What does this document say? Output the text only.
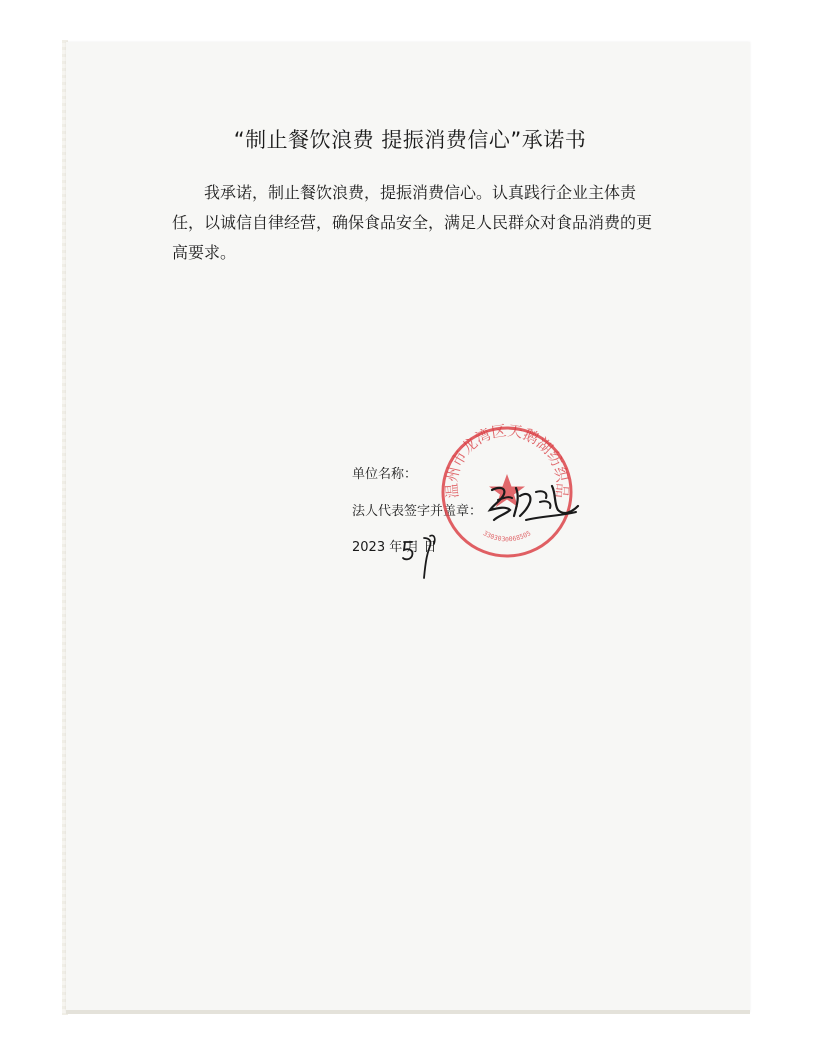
“制止餐饮浪费 提振消费信心”承诺书
我承诺，制止餐饮浪费，提振消费信心。认真践行企业主体责任，以诚信自律经营，确保食品安全，满足人民群众对食品消费的更高要求。
单位名称：
法人代表签字并盖章：
2023 年 月 日
温州市龙湾区天鹅湖纺织品
3303030068505
